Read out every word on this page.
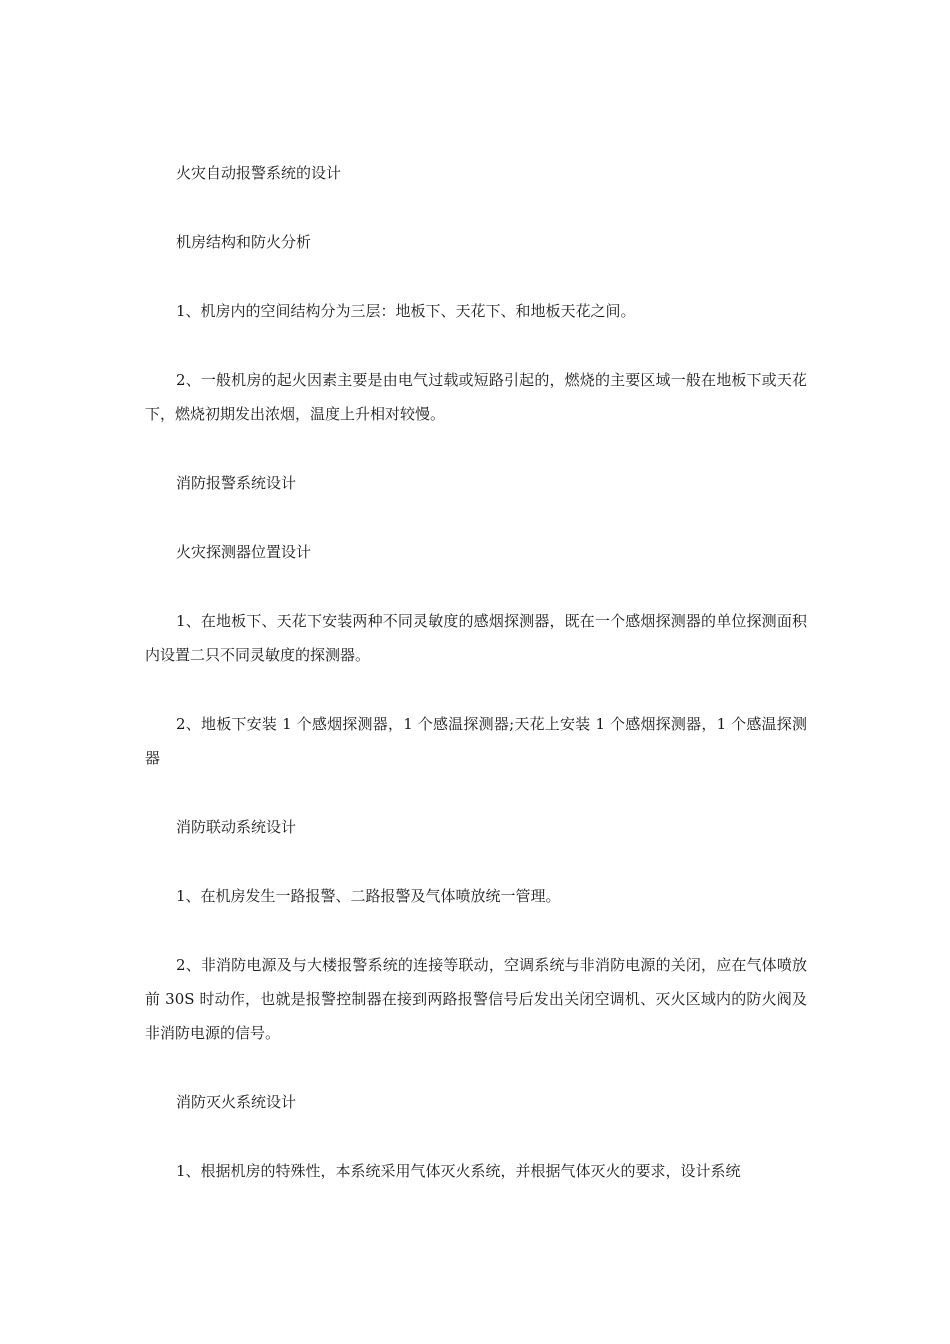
火灾自动报警系统的设计

机房结构和防火分析

1、机房内的空间结构分为三层：地板下、天花下、和地板天花之间。

2、一般机房的起火因素主要是由电气过载或短路引起的，燃烧的主要区域一般在地板下或天花下，燃烧初期发出浓烟，温度上升相对较慢。

消防报警系统设计

火灾探测器位置设计

1、在地板下、天花下安装两种不同灵敏度的感烟探测器，既在一个感烟探测器的单位探测面积内设置二只不同灵敏度的探测器。

2、地板下安装 1 个感烟探测器，1 个感温探测器;天花上安装 1 个感烟探测器，1 个感温探测器

消防联动系统设计

1、在机房发生一路报警、二路报警及气体喷放统一管理。

2、非消防电源及与大楼报警系统的连接等联动，空调系统与非消防电源的关闭，应在气体喷放前 30S 时动作，也就是报警控制器在接到两路报警信号后发出关闭空调机、灭火区域内的防火阀及非消防电源的信号。

消防灭火系统设计

1、根据机房的特殊性，本系统采用气体灭火系统，并根据气体灭火的要求，设计系统
